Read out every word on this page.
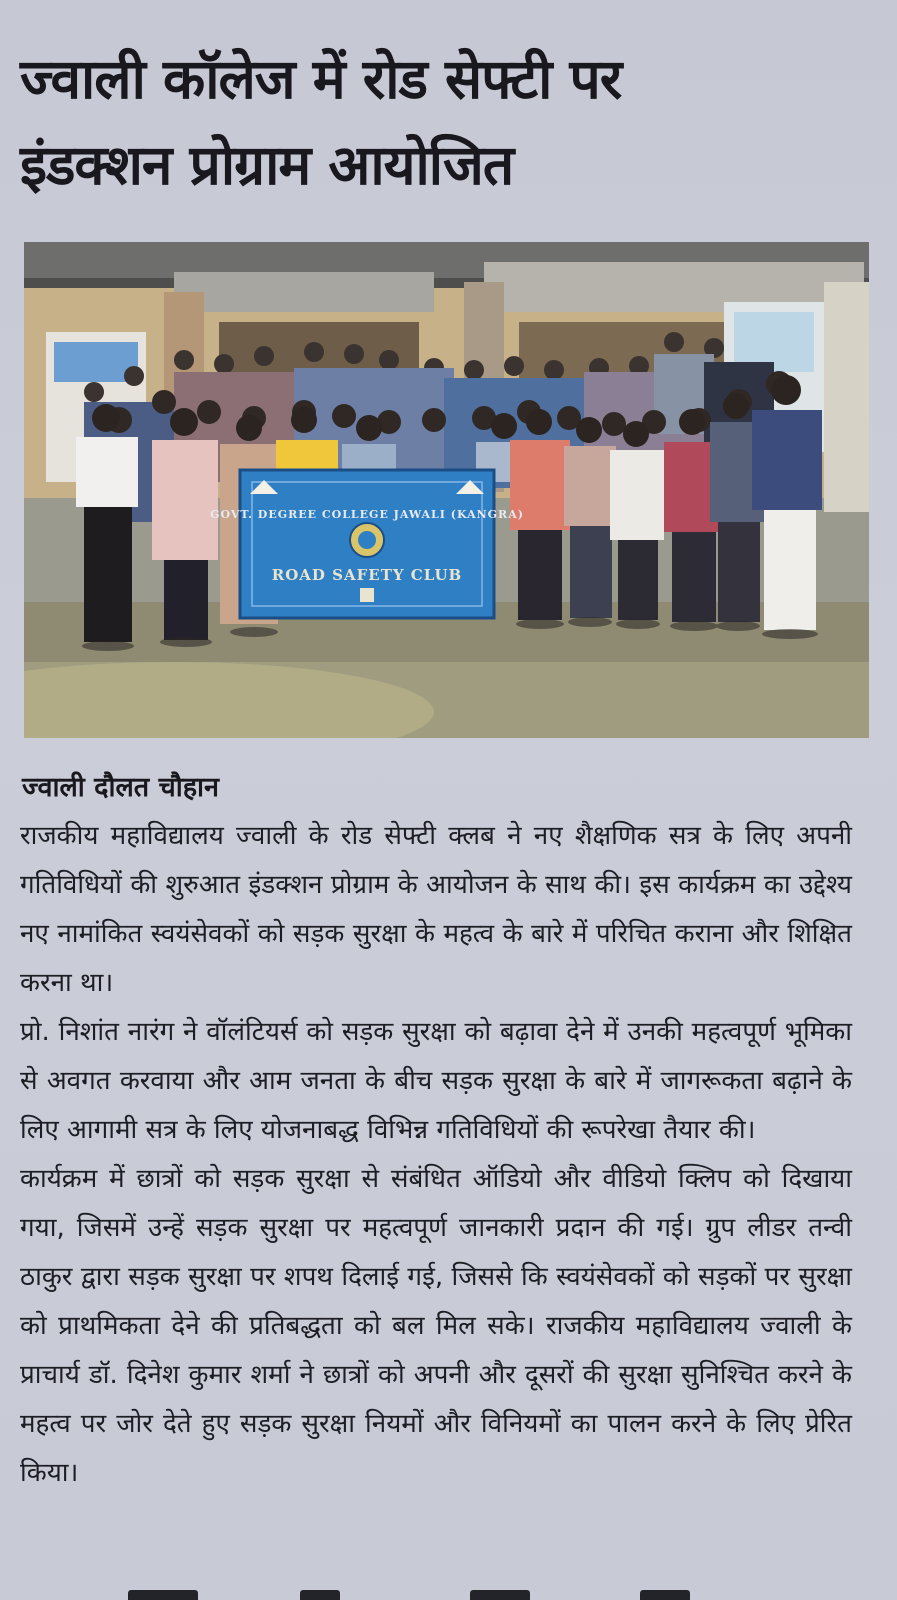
ज्वाली कॉलेज में रोड सेफ्टी पर
इंडक्शन प्रोग्राम आयोजित
GOVT. DEGREE COLLEGE JAWALI (KANGRA)
ROAD SAFETY CLUB
ज्वाली दौलत चौहान

राजकीय महाविद्यालय ज्वाली के रोड सेफ्टी क्लब ने नए शैक्षणिक सत्र के लिए अपनी गतिविधियों की शुरुआत इंडक्शन प्रोग्राम के आयोजन के साथ की। इस कार्यक्रम का उद्देश्य नए नामांकित स्वयंसेवकों को सड़क सुरक्षा के महत्व के बारे में परिचित कराना और शिक्षित करना था।

प्रो. निशांत नारंग ने वॉलंटियर्स को सड़क सुरक्षा को बढ़ावा देने में उनकी महत्वपूर्ण भूमिका से अवगत करवाया और आम जनता के बीच सड़क सुरक्षा के बारे में जागरूकता बढ़ाने के लिए आगामी सत्र के लिए योजनाबद्ध विभिन्न गतिविधियों की रूपरेखा तैयार की।

कार्यक्रम में छात्रों को सड़क सुरक्षा से संबंधित ऑडियो और वीडियो क्लिप को दिखाया गया, जिसमें उन्हें सड़क सुरक्षा पर महत्वपूर्ण जानकारी प्रदान की गई। ग्रुप लीडर तन्वी ठाकुर द्वारा सड़क सुरक्षा पर शपथ दिलाई गई, जिससे कि स्वयंसेवकों को सड़कों पर सुरक्षा को प्राथमिकता देने की प्रतिबद्धता को बल मिल सके। राजकीय महाविद्यालय ज्वाली के प्राचार्य डॉ. दिनेश कुमार शर्मा ने छात्रों को अपनी और दूसरों की सुरक्षा सुनिश्चित करने के महत्व पर जोर देते हुए सड़क सुरक्षा नियमों और विनियमों का पालन करने के लिए प्रेरित किया।
